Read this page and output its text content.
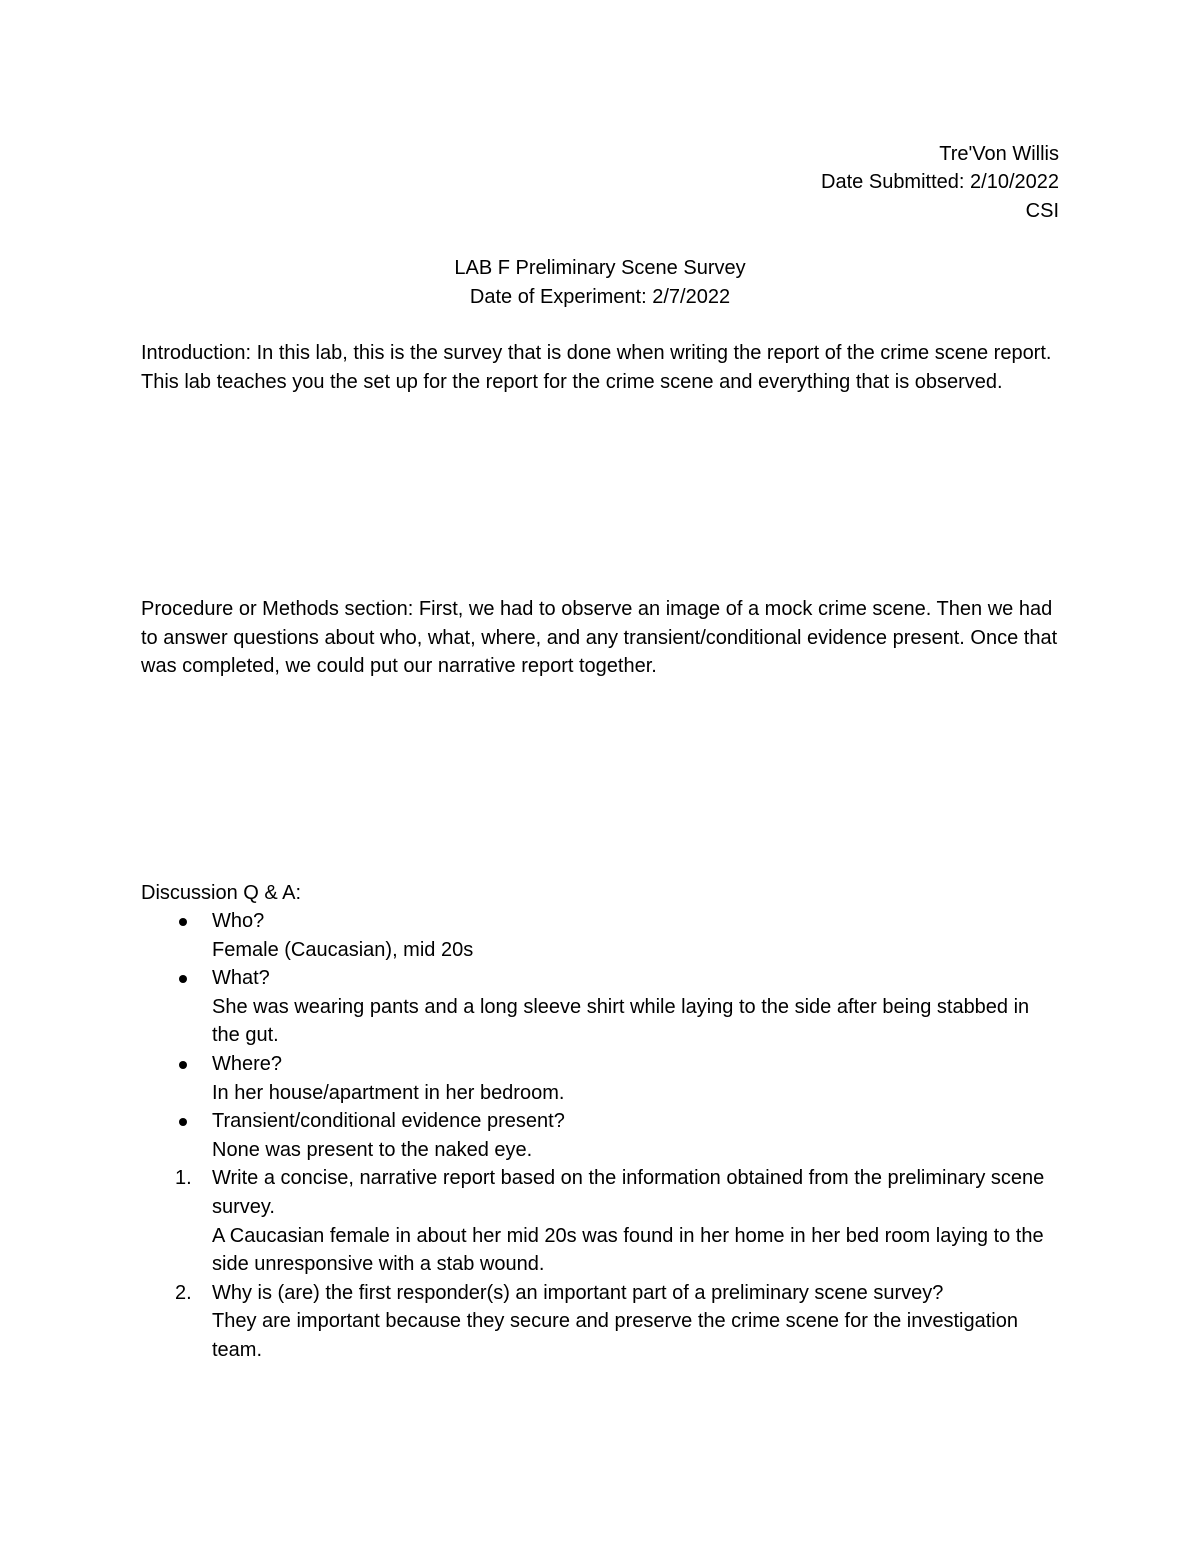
Tre'Von Willis

Date Submitted: 2/10/2022

CSI

LAB F Preliminary Scene Survey

Date of Experiment: 2/7/2022

Introduction: In this lab, this is the survey that is done when writing the report of the crime scene report. This lab teaches you the set up for the report for the crime scene and everything that is observed.

Procedure or Methods section: First, we had to observe an image of a mock crime scene. Then we had to answer questions about who, what, where, and any transient/conditional evidence present. Once that was completed, we could put our narrative report together.

Discussion Q & A:

Who?
Female (Caucasian), mid 20s
What?
She was wearing pants and a long sleeve shirt while laying to the side after being stabbed in the gut.
Where?
In her house/apartment in her bedroom.
Transient/conditional evidence present?
None was present to the naked eye.
1. Write a concise, narrative report based on the information obtained from the preliminary scene survey.
A Caucasian female in about her mid 20s was found in her home in her bed room laying to the side unresponsive with a stab wound.
2. Why is (are) the first responder(s) an important part of a preliminary scene survey?
They are important because they secure and preserve the crime scene for the investigation team.
